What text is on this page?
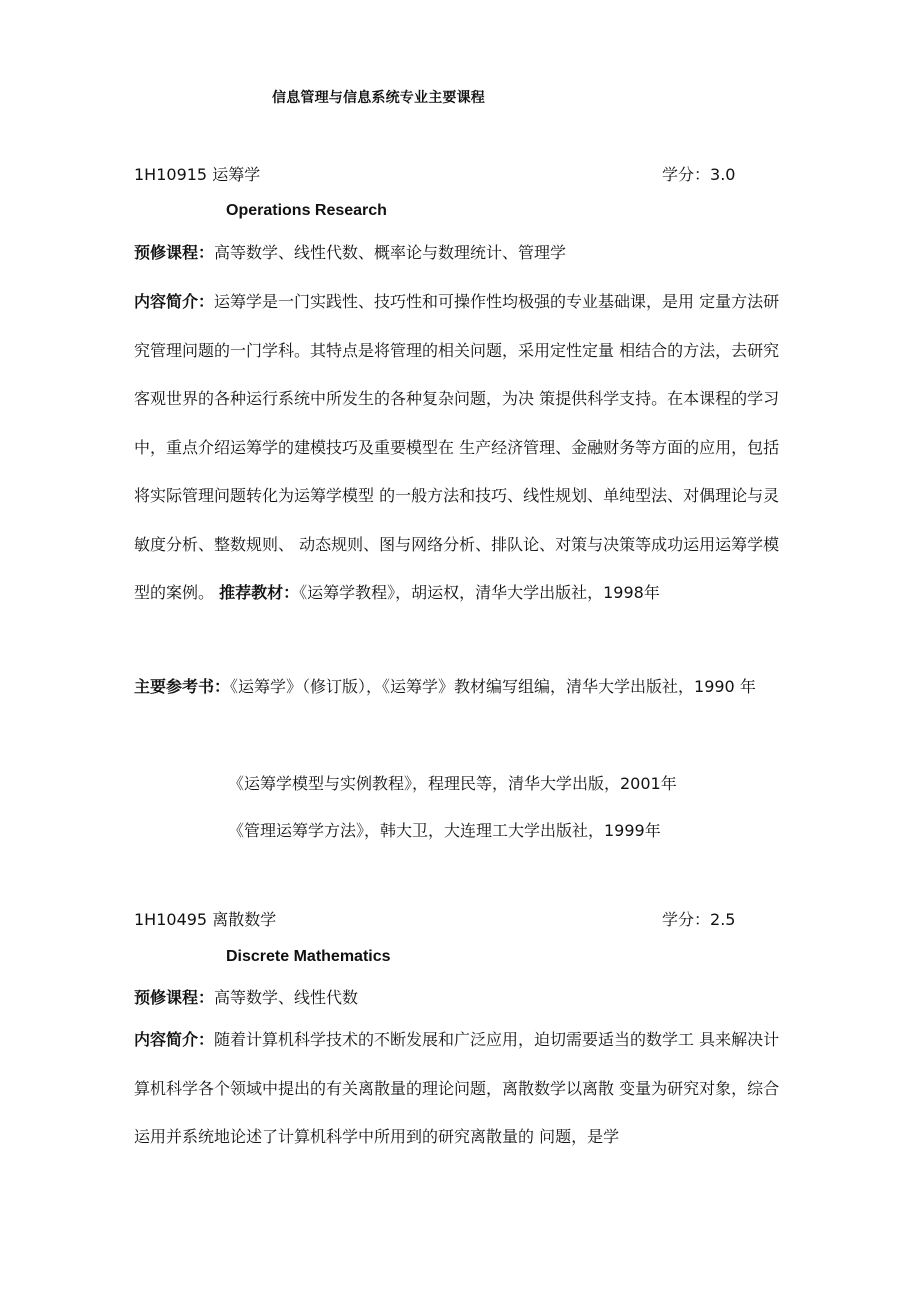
信息管理与信息系统专业主要课程
1H10915 运筹学	学分：3.0
Operations Research
预修课程：高等数学、线性代数、概率论与数理统计、管理学
内容简介：运筹学是一门实践性、技巧性和可操作性均极强的专业基础课，是用 定量方法研究管理问题的一门学科。其特点是将管理的相关问题，采用定性定量 相结合的方法，去研究客观世界的各种运行系统中所发生的各种复杂问题，为决 策提供科学支持。在本课程的学习中，重点介绍运筹学的建模技巧及重要模型在 生产经济管理、金融财务等方面的应用，包括将实际管理问题转化为运筹学模型 的一般方法和技巧、线性规划、单纯型法、对偶理论与灵敏度分析、整数规则、 动态规则、图与网络分析、排队论、对策与决策等成功运用运筹学模型的案例。 推荐教材：《运筹学教程》，胡运权，清华大学出版社，1998年
主要参考书：《运筹学》（修订版），《运筹学》教材编写组编，清华大学出版社，1990 年
《运筹学模型与实例教程》，程理民等，清华大学出版，2001年
《管理运筹学方法》，韩大卫，大连理工大学出版社，1999年
1H10495 离散数学	学分：2.5
Discrete Mathematics
预修课程：高等数学、线性代数
内容简介：随着计算机科学技术的不断发展和广泛应用，迫切需要适当的数学工 具来解决计算机科学各个领域中提出的有关离散量的理论问题，离散数学以离散 变量为研究对象，综合运用并系统地论述了计算机科学中所用到的研究离散量的 问题，是学
